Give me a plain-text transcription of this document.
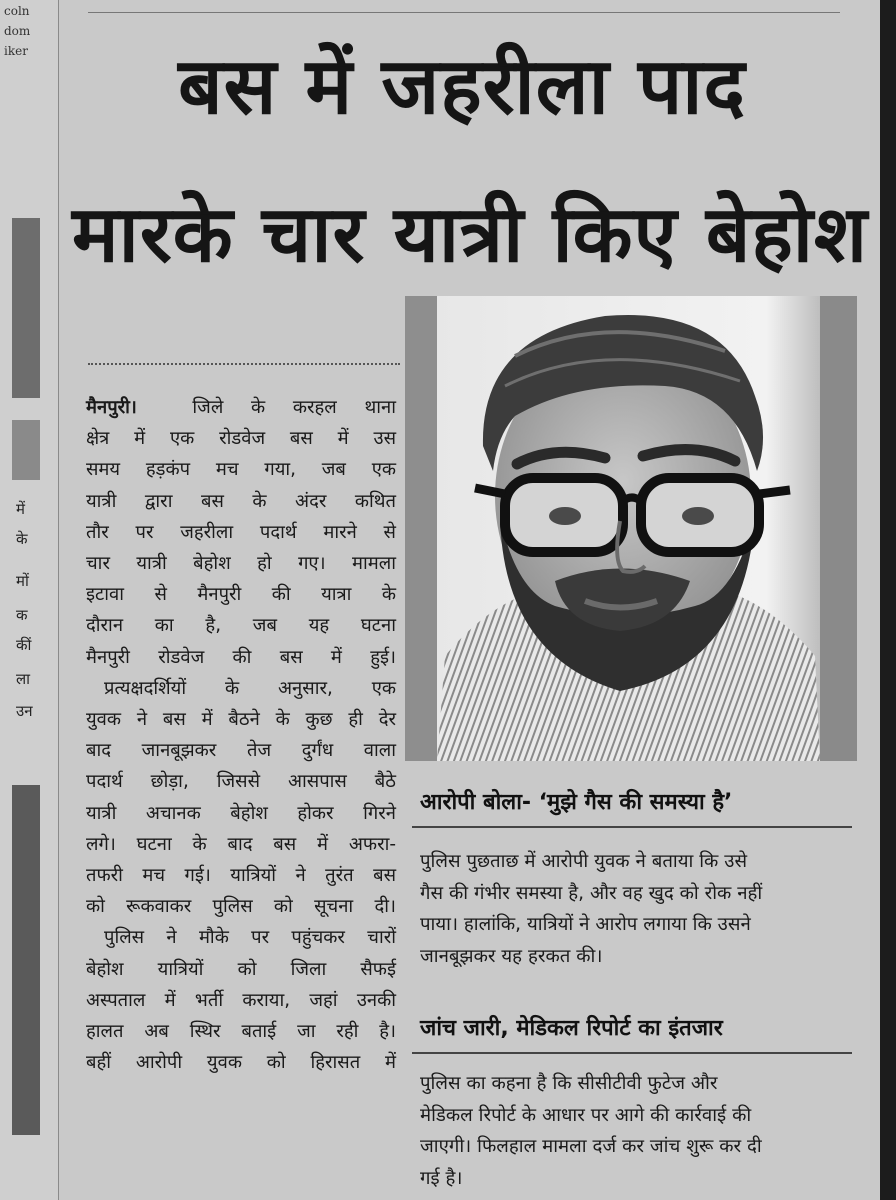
coln
dom
iker
में
के
मों
क
कीं
ला
उन
बस में जहरीला पाद
मारके चार यात्री किए बेहोश

मैनपुरी।	जिले के करहल थाना

क्षेत्र में एक रोडवेज बस में उस

समय हड़कंप मच गया, जब एक

यात्री द्वारा बस के अंदर कथित

तौर पर जहरीला पदार्थ मारने से

चार यात्री बेहोश हो गए। मामला

इटावा से मैनपुरी की यात्रा के

दौरान का है, जब यह घटना

मैनपुरी रोडवेज की बस में हुई।

प्रत्यक्षदर्शियों के अनुसार, एक

युवक ने बस में बैठने के कुछ ही देर

बाद जानबूझकर तेज दुर्गंध वाला

पदार्थ छोड़ा, जिससे आसपास बैठे

यात्री अचानक बेहोश होकर गिरने

लगे। घटना के बाद बस में अफरा-

तफरी मच गई। यात्रियों ने तुरंत बस

को रूकवाकर पुलिस को सूचना दी।

पुलिस ने मौके पर पहुंचकर चारों

बेहोश यात्रियों को जिला सैफई

अस्पताल में भर्ती कराया, जहां उनकी

हालत अब स्थिर बताई जा रही है।

बहीं आरोपी युवक को हिरासत में

आरोपी बोला- ‘मुझे गैस की समस्या है’

पुलिस पुछताछ में आरोपी युवक ने बताया कि उसे

गैस की गंभीर समस्या है, और वह खुद को रोक नहीं

पाया। हालांकि, यात्रियों ने आरोप लगाया कि उसने

जानबूझकर यह हरकत की।

जांच जारी, मेडिकल रिपोर्ट का इंतजार

पुलिस का कहना है कि सीसीटीवी फुटेज और

मेडिकल रिपोर्ट के आधार पर आगे की कार्रवाई की

जाएगी। फिलहाल मामला दर्ज कर जांच शुरू कर दी

गई है।
